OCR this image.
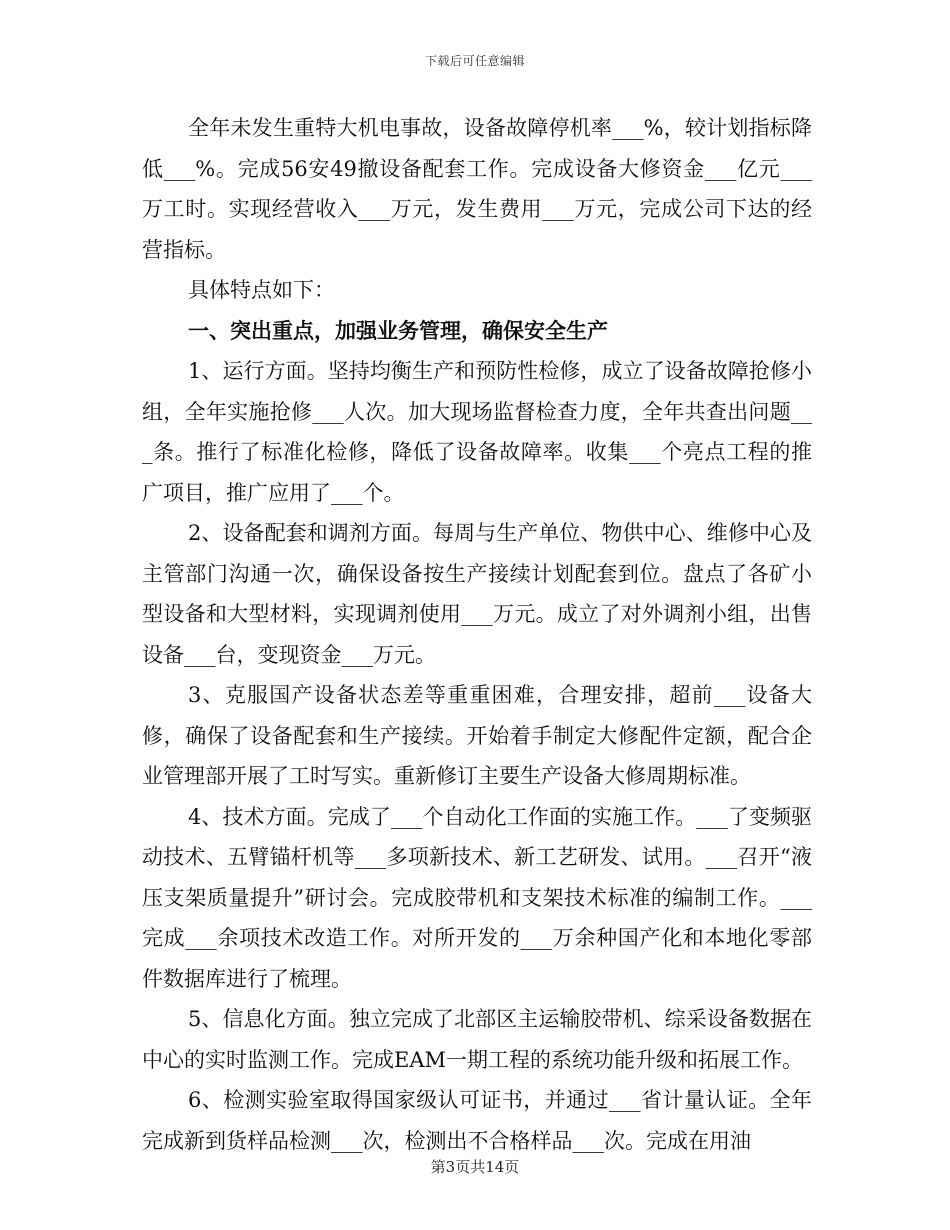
下载后可任意编辑

全年未发生重特大机电事故，设备故障停机率___%，较计划指标降低___%。完成56安49撤设备配套工作。完成设备大修资金___亿元___万工时。实现经营收入___万元，发生费用___万元，完成公司下达的经营指标。

具体特点如下：

一、突出重点，加强业务管理，确保安全生产

1、运行方面。坚持均衡生产和预防性检修，成立了设备故障抢修小组，全年实施抢修___人次。加大现场监督检查力度，全年共查出问题___条。推行了标准化检修，降低了设备故障率。收集___个亮点工程的推广项目，推广应用了___个。

2、设备配套和调剂方面。每周与生产单位、物供中心、维修中心及主管部门沟通一次，确保设备按生产接续计划配套到位。盘点了各矿小型设备和大型材料，实现调剂使用___万元。成立了对外调剂小组，出售设备___台，变现资金___万元。

3、克服国产设备状态差等重重困难，合理安排，超前___设备大修，确保了设备配套和生产接续。开始着手制定大修配件定额，配合企业管理部开展了工时写实。重新修订主要生产设备大修周期标准。

4、技术方面。完成了___个自动化工作面的实施工作。___了变频驱动技术、五臂锚杆机等___多项新技术、新工艺研发、试用。___召开“液压支架质量提升”研讨会。完成胶带机和支架技术标准的编制工作。___完成___余项技术改造工作。对所开发的___万余种国产化和本地化零部件数据库进行了梳理。

5、信息化方面。独立完成了北部区主运输胶带机、综采设备数据在中心的实时监测工作。完成EAM一期工程的系统功能升级和拓展工作。

6、检测实验室取得国家级认可证书，并通过___省计量认证。全年完成新到货样品检测___次，检测出不合格样品___次。完成在用油

第3页共14页
